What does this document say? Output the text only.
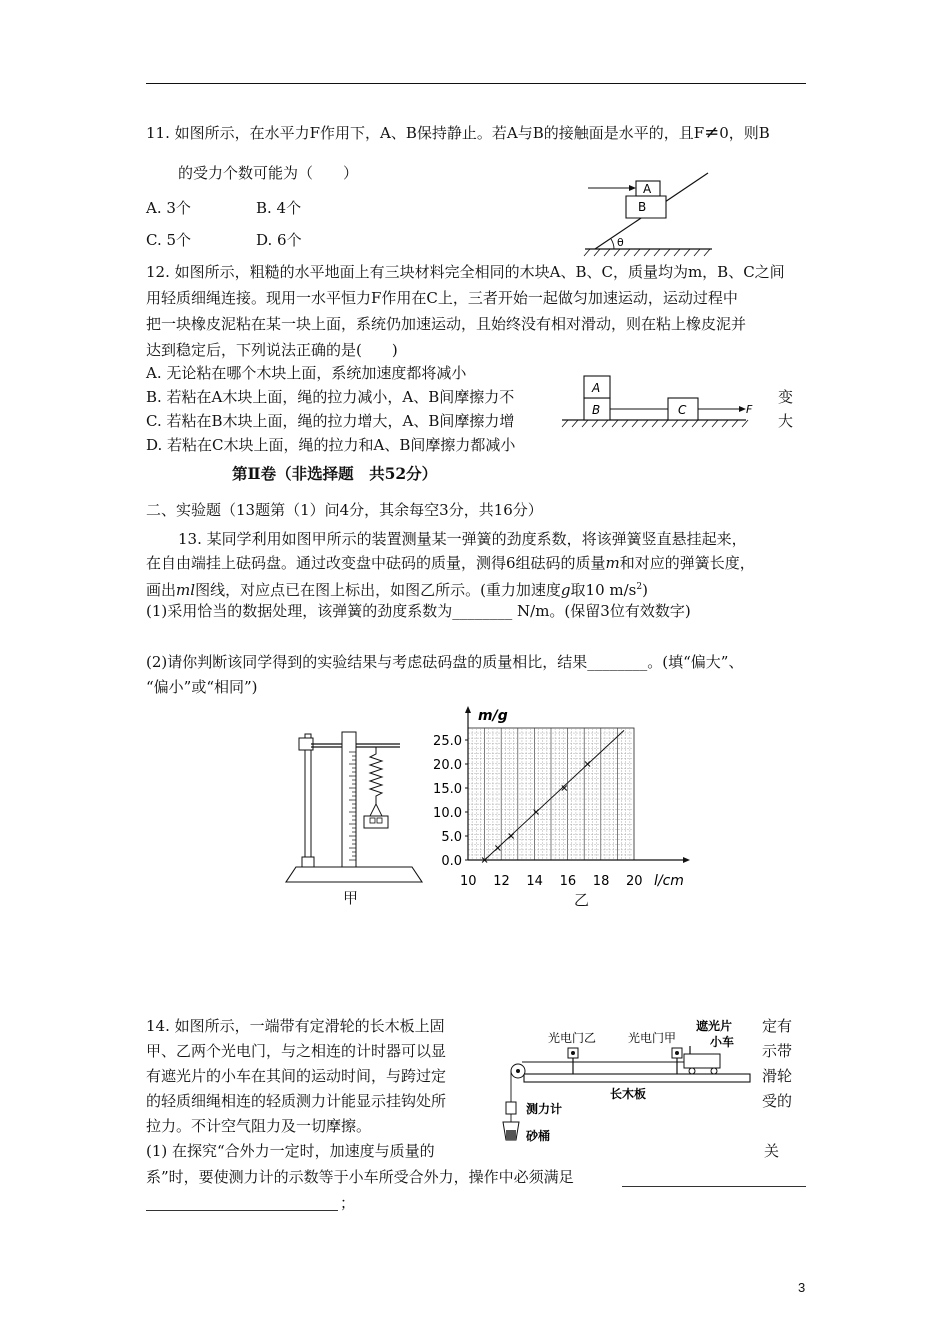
11. 如图所示，在水平力F作用下，A、B保持静止。若A与B的接触面是水平的，且F≠0，则B
的受力个数可能为（　　）
A. 3个	B. 4个
C. 5个	D. 6个	θ
B
A
12. 如图所示，粗糙的水平地面上有三块材料完全相同的木块A、B、C，质量均为m，B、C之间
用轻质细绳连接。现用一水平恒力F作用在C上，三者开始一起做匀加速运动，运动过程中
把一块橡皮泥粘在某一块上面，系统仍加速运动，且始终没有相对滑动，则在粘上橡皮泥并
达到稳定后，下列说法正确的是(　　)
A. 无论粘在哪个木块上面，系统加速度都将减小
B. 若粘在A木块上面，绳的拉力减小，A、B间摩擦力不	变
C. 若粘在B木块上面，绳的拉力增大，A、B间摩擦力增	大
D. 若粘在C木块上面，绳的拉力和A、B间摩擦力都减小
B
A
C	F
第Ⅱ卷（非选择题　共52分）
二、实验题（13题第（1）问4分，其余每空3分，共16分）
13. 某同学利用如图甲所示的装置测量某一弹簧的劲度系数，将该弹簧竖直悬挂起来，
在自由端挂上砝码盘。通过改变盘中砝码的质量，测得6组砝码的质量m和对应的弹簧长度，
画出ml图线，对应点已在图上标出，如图乙所示。(重力加速度g取10 $m/s^2$)
(1)采用恰当的数据处理，该弹簧的劲度系数为________ N/m。(保留3位有效数字)
(2)请你判断该同学得到的实验结果与考虑砝码盘的质量相比，结果________。(填“偏大”、
“偏小”或“相同”)
甲
10 12 14 16 18 20
0.0
5.0
10.0
15.0
20.0
25.0
m/g
l/cm
乙
14. 如图所示，一端带有定滑轮的长木板上固	定有
甲、乙两个光电门，与之相连的计时器可以显	示带
有遮光片的小车在其间的运动时间，与跨过定	滑轮
的轻质细绳相连的轻质测力计能显示挂钩处所	受的
拉力。不计空气阻力及一切摩擦。
(1) 在探究“合外力一定时，加速度与质量的	关
系”时，要使测力计的示数等于小车所受合外力，操作中必须满足
；
光电门乙	光电门甲
遮光片
小车
长木板
测力计
砂桶
3
